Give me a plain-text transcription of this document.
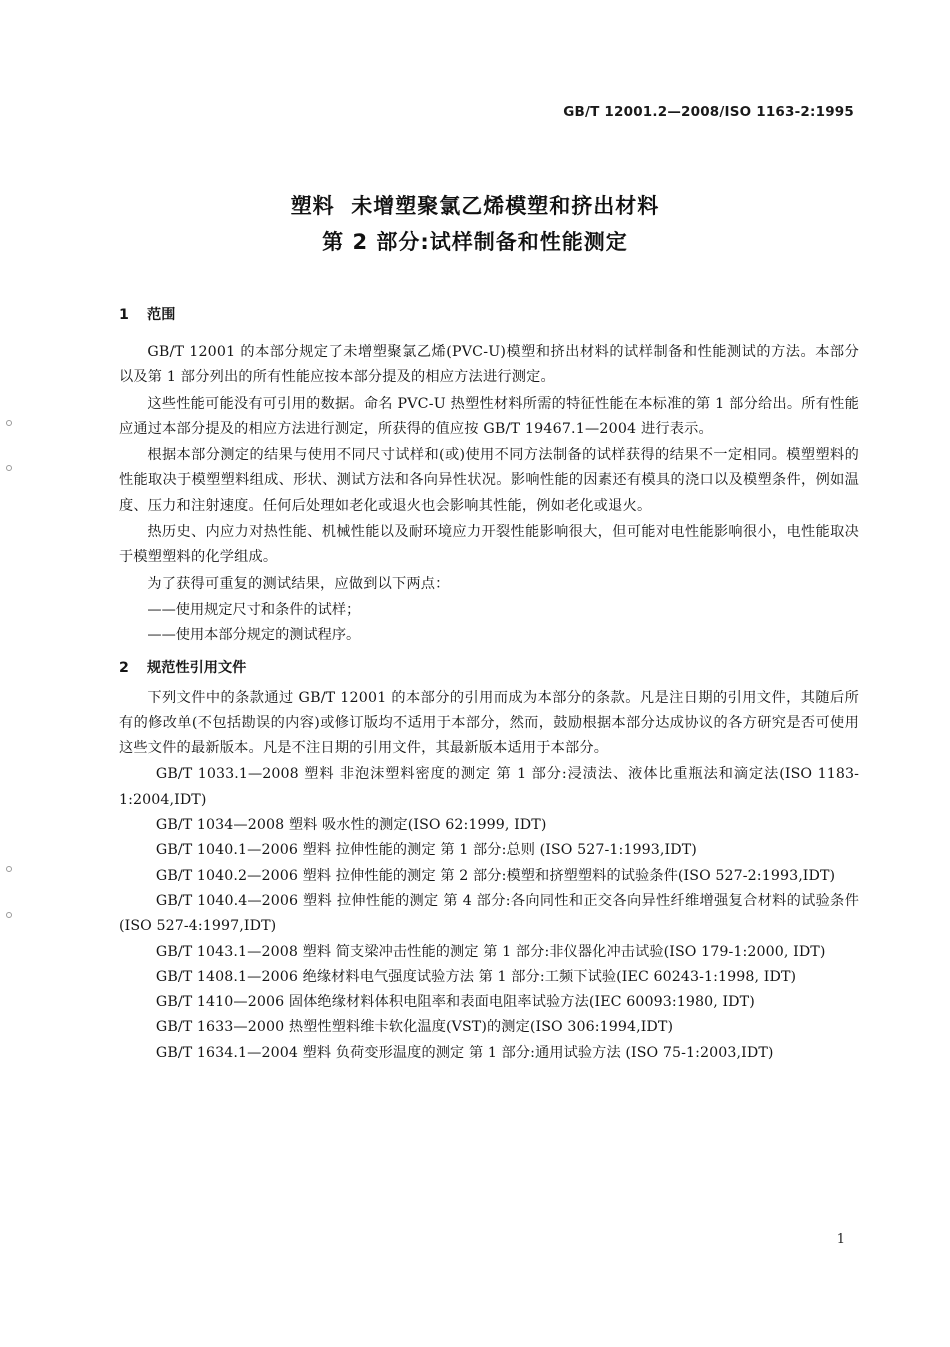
GB/T 12001.2—2008/ISO 1163-2:1995
塑料  未增塑聚氯乙烯模塑和挤出材料
第 2 部分:试样制备和性能测定
1 范围

GB/T 12001 的本部分规定了未增塑聚氯乙烯(PVC-U)模塑和挤出材料的试样制备和性能测试的方法。本部分以及第 1 部分列出的所有性能应按本部分提及的相应方法进行测定。

这些性能可能没有可引用的数据。命名 PVC-U 热塑性材料所需的特征性能在本标准的第 1 部分给出。所有性能应通过本部分提及的相应方法进行测定，所获得的值应按 GB/T 19467.1—2004 进行表示。

根据本部分测定的结果与使用不同尺寸试样和(或)使用不同方法制备的试样获得的结果不一定相同。模塑塑料的性能取决于模塑塑料组成、形状、测试方法和各向异性状况。影响性能的因素还有模具的浇口以及模塑条件，例如温度、压力和注射速度。任何后处理如老化或退火也会影响其性能，例如老化或退火。

热历史、内应力对热性能、机械性能以及耐环境应力开裂性能影响很大，但可能对电性能影响很小，电性能取决于模塑塑料的化学组成。

为了获得可重复的测试结果，应做到以下两点：

——使用规定尺寸和条件的试样；

——使用本部分规定的测试程序。

2 规范性引用文件

下列文件中的条款通过 GB/T 12001 的本部分的引用而成为本部分的条款。凡是注日期的引用文件，其随后所有的修改单(不包括勘误的内容)或修订版均不适用于本部分，然而，鼓励根据本部分达成协议的各方研究是否可使用这些文件的最新版本。凡是不注日期的引用文件，其最新版本适用于本部分。

GB/T 1033.1—2008 塑料 非泡沫塑料密度的测定 第 1 部分:浸渍法、液体比重瓶法和滴定法(ISO 1183-1:2004,IDT)

GB/T 1034—2008 塑料 吸水性的测定(ISO 62:1999, IDT)

GB/T 1040.1—2006 塑料 拉伸性能的测定 第 1 部分:总则 (ISO 527-1:1993,IDT)

GB/T 1040.2—2006 塑料 拉伸性能的测定 第 2 部分:模塑和挤塑塑料的试验条件(ISO 527-2:1993,IDT)

GB/T 1040.4—2006 塑料 拉伸性能的测定 第 4 部分:各向同性和正交各向异性纤维增强复合材料的试验条件(ISO 527-4:1997,IDT)

GB/T 1043.1—2008 塑料 简支梁冲击性能的测定 第 1 部分:非仪器化冲击试验(ISO 179-1:2000, IDT)

GB/T 1408.1—2006 绝缘材料电气强度试验方法 第 1 部分:工频下试验(IEC 60243-1:1998, IDT)

GB/T 1410—2006 固体绝缘材料体积电阻率和表面电阻率试验方法(IEC 60093:1980, IDT)

GB/T 1633—2000 热塑性塑料维卡软化温度(VST)的测定(ISO 306:1994,IDT)

GB/T 1634.1—2004 塑料 负荷变形温度的测定 第 1 部分:通用试验方法 (ISO 75-1:2003,IDT)

1
